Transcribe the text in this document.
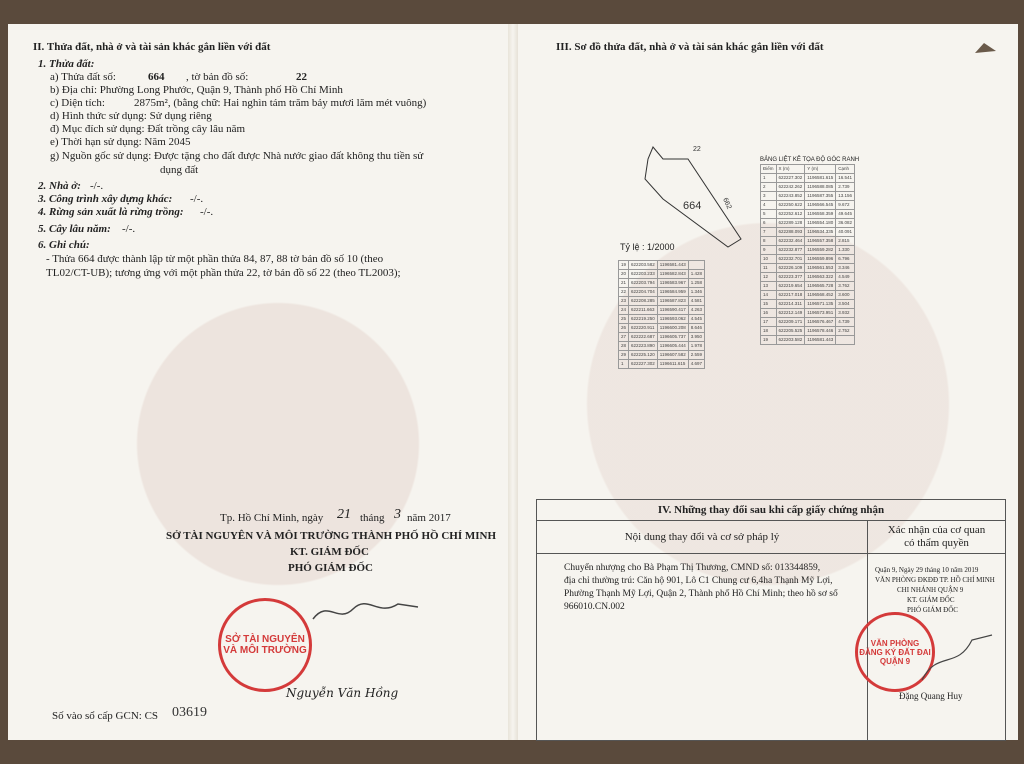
II. Thửa đất, nhà ở và tài sản khác gắn liền với đất
1. Thửa đất:
a) Thửa đất số:	664 , tờ bản đồ số:	22
b) Địa chỉ: Phường Long Phước, Quận 9, Thành phố Hồ Chí Minh
c) Diện tích:	2875m², (bằng chữ: Hai nghìn tám trăm bảy mươi lăm mét vuông)
d) Hình thức sử dụng: Sử dụng riêng
đ) Mục đích sử dụng: Đất trồng cây lâu năm
e) Thời hạn sử dụng: Năm 2045
g) Nguồn gốc sử dụng: Được tặng cho đất được Nhà nước giao đất không thu tiền sử
dụng đất
2. Nhà ở: -/-.
3. Công trình xây dựng khác: -/-.
4. Rừng sản xuất là rừng trồng: -/-.
5. Cây lâu năm: -/-.
6. Ghi chú:
- Thửa 664 được thành lập từ một phần thửa 84, 87, 88 tờ bản đồ số 10 (theo
TL02/CT-UB); tương ứng với một phần thửa 22, tờ bản đồ số 22 (theo TL2003);
Tp. Hồ Chí Minh, ngày 21 tháng 3 năm 2017
SỞ TÀI NGUYÊN VÀ MÔI TRƯỜNG THÀNH PHỐ HỒ CHÍ MINH
KT. GIÁM ĐỐC
PHÓ GIÁM ĐỐC
SỞ TÀI NGUYÊN VÀ MÔI TRƯỜNG
Nguyễn Văn Hồng
Số vào sổ cấp GCN: CS 03619
III. Sơ đồ thửa đất, nhà ở và tài sản khác gắn liền với đất
664	662
22
Tỷ lệ : 1/2000
BẢNG LIỆT KÊ TỌA ĐỘ GÓC RANH
Điểm	X (m)	Y (m)	Cạnh
1	622227.302	1196581.615	16.541
2	622242.262	1196588.085	2.739
3	622243.852	1196587.355	13.156
4	622250.622	1196566.545	9.672
5	622252.612	1196558.359	49.645
6	622289.128	1196554.180	36.082
7	622288.093	1196534.335	40.091
8	622232.464	1196557.358	2.815
9	622232.877	1196559.282	1.330
10	622232.701	1196559.896	6.796
11	622226.109	1196561.553	3.346
12	622223.377	1196563.322	4.549
13	622219.654	1196565.728	3.762
14	622217.018	1196568.452	3.600
15	622214.311	1196571.135	3.504
16	622212.149	1196573.951	3.932
17	622209.171	1196576.467	4.739
18	622205.525	1196578.446	2.752
19	622203.582	1196581.443	
19	622203.582	1196581.443	
20	622203.233	1196582.843	1.428
21	622203.794	1196583.967	1.258
22	622204.704	1196584.959	1.346
23	622208.285	1196587.823	4.581
24	622211.663	1196590.417	4.263
25	622219.250	1196593.062	4.545
26	622220.911	1196600.208	8.646
27	622222.687	1196605.737	3.950
28	622223.890	1196605.444	1.978
29	622225.120	1196607.582	2.559
1	622227.302	1196611.615	4.697
IV. Những thay đổi sau khi cấp giấy chứng nhận
Nội dung thay đổi và cơ sở pháp lý
Xác nhận của cơ quan
có thẩm quyền
Chuyển nhượng cho Bà Phạm Thị Thương, CMND số: 013344859,
địa chỉ thường trú: Căn hộ 901, Lô C1 Chung cư 6,4ha Thạnh Mỹ Lợi,
Phường Thạnh Mỹ Lợi, Quận 2, Thành phố Hồ Chí Minh; theo hồ sơ số
966010.CN.002
Quận 9, Ngày 29 tháng 10 năm 2019
VĂN PHÒNG ĐKĐĐ TP. HỒ CHÍ MINH
CHI NHÁNH QUẬN 9
KT. GIÁM ĐỐC
PHÓ GIÁM ĐỐC
VĂN PHÒNG ĐĂNG KÝ ĐẤT ĐAI QUẬN 9
Đặng Quang Huy
